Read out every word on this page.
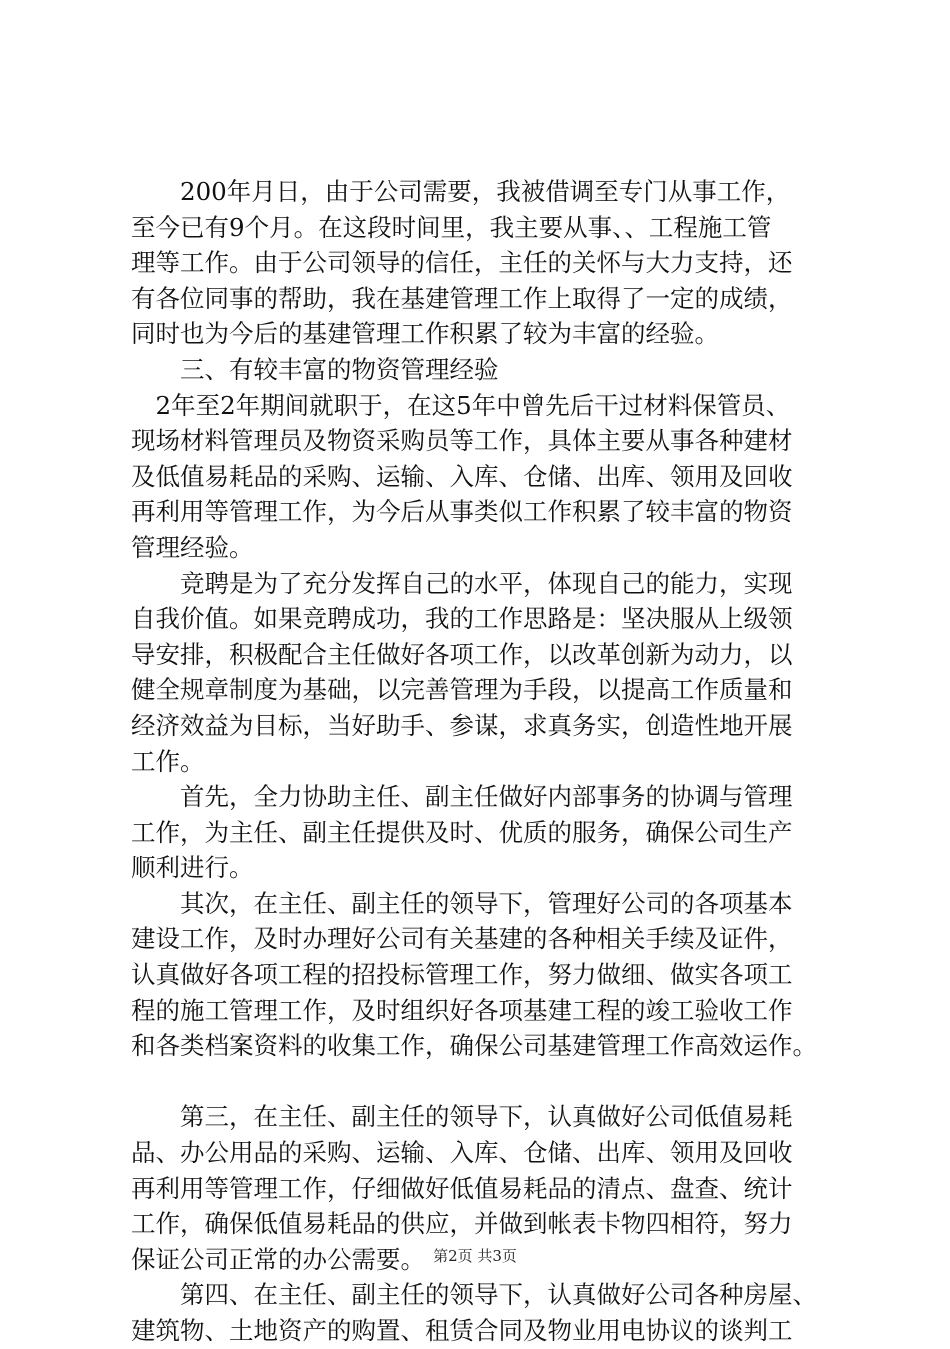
　　200年月日，由于公司需要，我被借调至专门从事工作，
至今已有9个月。在这段时间里，我主要从事、、工程施工管
理等工作。由于公司领导的信任，主任的关怀与大力支持，还
有各位同事的帮助，我在基建管理工作上取得了一定的成绩，
同时也为今后的基建管理工作积累了较为丰富的经验。
　　三、有较丰富的物资管理经验
　2年至2年期间就职于，在这5年中曾先后干过材料保管员、
现场材料管理员及物资采购员等工作，具体主要从事各种建材
及低值易耗品的采购、运输、入库、仓储、出库、领用及回收
再利用等管理工作，为今后从事类似工作积累了较丰富的物资
管理经验。
　　竞聘是为了充分发挥自己的水平，体现自己的能力，实现
自我价值。如果竞聘成功，我的工作思路是：坚决服从上级领
导安排，积极配合主任做好各项工作，以改革创新为动力，以
健全规章制度为基础，以完善管理为手段，以提高工作质量和
经济效益为目标，当好助手、参谋，求真务实，创造性地开展
工作。
　　首先，全力协助主任、副主任做好内部事务的协调与管理
工作，为主任、副主任提供及时、优质的服务，确保公司生产
顺利进行。
　　其次，在主任、副主任的领导下，管理好公司的各项基本
建设工作，及时办理好公司有关基建的各种相关手续及证件，
认真做好各项工程的招投标管理工作，努力做细、做实各项工
程的施工管理工作，及时组织好各项基建工程的竣工验收工作
和各类档案资料的收集工作，确保公司基建管理工作高效运作。
　　第三，在主任、副主任的领导下，认真做好公司低值易耗
品、办公用品的采购、运输、入库、仓储、出库、领用及回收
再利用等管理工作，仔细做好低值易耗品的清点、盘查、统计
工作，确保低值易耗品的供应，并做到帐表卡物四相符，努力
保证公司正常的办公需要。
　　第四、在主任、副主任的领导下，认真做好公司各种房屋、
建筑物、土地资产的购置、租赁合同及物业用电协议的谈判工
第2页 共3页
